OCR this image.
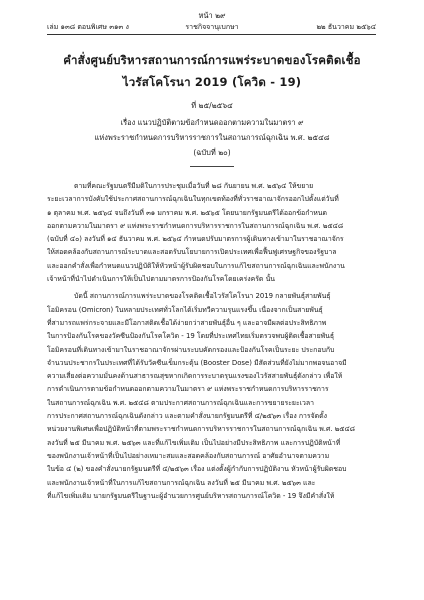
หน้า ๒๙
เล่ม ๑๓๘ ตอนพิเศษ ๓๑๓ ง	ราชกิจจานุเบกษา	๒๒ ธันวาคม ๒๕๖๔
คำสั่งศูนย์บริหารสถานการณ์การแพร่ระบาดของโรคติดเชื้อ
ไวรัสโคโรนา 2019 (โควิด - 19)
ที่ ๒๕/๒๕๖๔
เรื่อง แนวปฏิบัติตามข้อกำหนดออกตามความในมาตรา ๙
แห่งพระราชกำหนดการบริหารราชการในสถานการณ์ฉุกเฉิน พ.ศ. ๒๕๔๘
(ฉบับที่ ๒๐)
ตามที่คณะรัฐมนตรีมีมติในการประชุมเมื่อวันที่ ๒๘ กันยายน พ.ศ. ๒๕๖๔ ให้ขยาย
ระยะเวลาการบังคับใช้ประกาศสถานการณ์ฉุกเฉินในทุกเขตท้องที่ทั่วราชอาณาจักรออกไปตั้งแต่วันที่
๑ ตุลาคม พ.ศ. ๒๕๖๔ จนถึงวันที่ ๓๑ มกราคม พ.ศ. ๒๕๖๕ โดยนายกรัฐมนตรีได้ออกข้อกำหนด
ออกตามความในมาตรา ๙ แห่งพระราชกำหนดการบริหารราชการในสถานการณ์ฉุกเฉิน พ.ศ. ๒๕๔๘
(ฉบับที่ ๔๐) ลงวันที่ ๑๔ ธันวาคม พ.ศ. ๒๕๖๔ กำหนดปรับมาตรการผู้เดินทางเข้ามาในราชอาณาจักร
ให้สอดคล้องกับสถานการณ์ระบาดและสอดรับนโยบายการเปิดประเทศเพื่อฟื้นฟูเศรษฐกิจของรัฐบาล
และออกคำสั่งเพื่อกำหนดแนวปฏิบัติให้หัวหน้าผู้รับผิดชอบในการแก้ไขสถานการณ์ฉุกเฉินและพนักงาน
เจ้าหน้าที่นำไปดำเนินการให้เป็นไปตามมาตรการป้องกันโรคโดยเคร่งครัด นั้น
บัดนี้ สถานการณ์การแพร่ระบาดของโรคติดเชื้อไวรัสโคโรนา 2019 กลายพันธุ์สายพันธุ์
โอมิครอน (Omicron) ในหลายประเทศทั่วโลกได้เริ่มทวีความรุนแรงขึ้น เนื่องจากเป็นสายพันธุ์
ที่สามารถแพร่กระจายและมีโอกาสติดเชื้อได้ง่ายกว่าสายพันธุ์อื่น ๆ และอาจมีผลต่อประสิทธิภาพ
ในการป้องกันโรคของวัคซีนป้องกันโรคโควิด - 19 โดยที่ประเทศไทยเริ่มตรวจพบผู้ติดเชื้อสายพันธุ์
โอมิครอนที่เดินทางเข้ามาในราชอาณาจักรผ่านระบบคัดกรองและป้องกันโรคเป็นระยะ ประกอบกับ
จำนวนประชากรในประเทศที่ได้รับวัคซีนเข็มกระตุ้น (Booster Dose) มีสัดส่วนที่ยังไม่มากพอจนอาจมี
ความเสี่ยงต่อความมั่นคงด้านสาธารณสุขหากเกิดการระบาดรุนแรงของไวรัสสายพันธุ์ดังกล่าว เพื่อให้
การดำเนินการตามข้อกำหนดออกตามความในมาตรา ๙ แห่งพระราชกำหนดการบริหารราชการ
ในสถานการณ์ฉุกเฉิน พ.ศ. ๒๕๔๘ ตามประกาศสถานการณ์ฉุกเฉินและการขยายระยะเวลา
การประกาศสถานการณ์ฉุกเฉินดังกล่าว และตามคำสั่งนายกรัฐมนตรีที่ ๔/๒๕๖๓ เรื่อง การจัดตั้ง
หน่วยงานพิเศษเพื่อปฏิบัติหน้าที่ตามพระราชกำหนดการบริหารราชการในสถานการณ์ฉุกเฉิน พ.ศ. ๒๕๔๘
ลงวันที่ ๒๕ มีนาคม พ.ศ. ๒๕๖๓ และที่แก้ไขเพิ่มเติม เป็นไปอย่างมีประสิทธิภาพ และการปฏิบัติหน้าที่
ของพนักงานเจ้าหน้าที่เป็นไปอย่างเหมาะสมและสอดคล้องกับสถานการณ์ อาศัยอำนาจตามความ
ในข้อ ๔ (๒) ของคำสั่งนายกรัฐมนตรีที่ ๔/๒๕๖๓ เรื่อง แต่งตั้งผู้กำกับการปฏิบัติงาน หัวหน้าผู้รับผิดชอบ
และพนักงานเจ้าหน้าที่ในการแก้ไขสถานการณ์ฉุกเฉิน ลงวันที่ ๒๕ มีนาคม พ.ศ. ๒๕๖๓ และ
ที่แก้ไขเพิ่มเติม นายกรัฐมนตรีในฐานะผู้อำนวยการศูนย์บริหารสถานการณ์โควิด - 19 จึงมีคำสั่งให้
